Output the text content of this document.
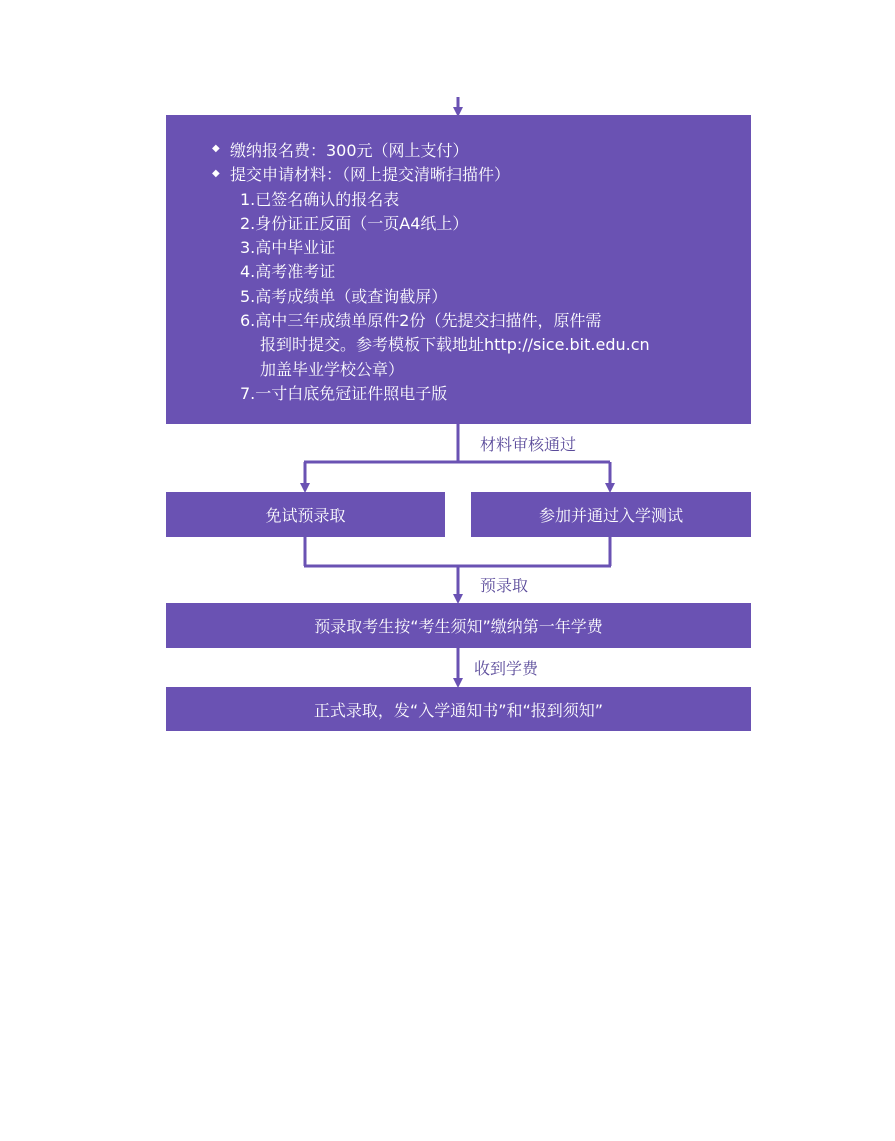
◆ 缴纳报名费：300元（网上支付）
◆ 提交申请材料：（网上提交清晰扫描件）
1.已签名确认的报名表
2.身份证正反面（一页A4纸上）
3.高中毕业证
4.高考准考证
5.高考成绩单（或查询截屏）
6.高中三年成绩单原件2份（先提交扫描件，原件需
报到时提交。参考模板下载地址http://sice.bit.edu.cn
加盖毕业学校公章）
7.一寸白底免冠证件照电子版
材料审核通过
免试预录取	参加并通过入学测试
预录取
预录取考生按“考生须知”缴纳第一年学费
收到学费
正式录取，发“入学通知书”和“报到须知”
